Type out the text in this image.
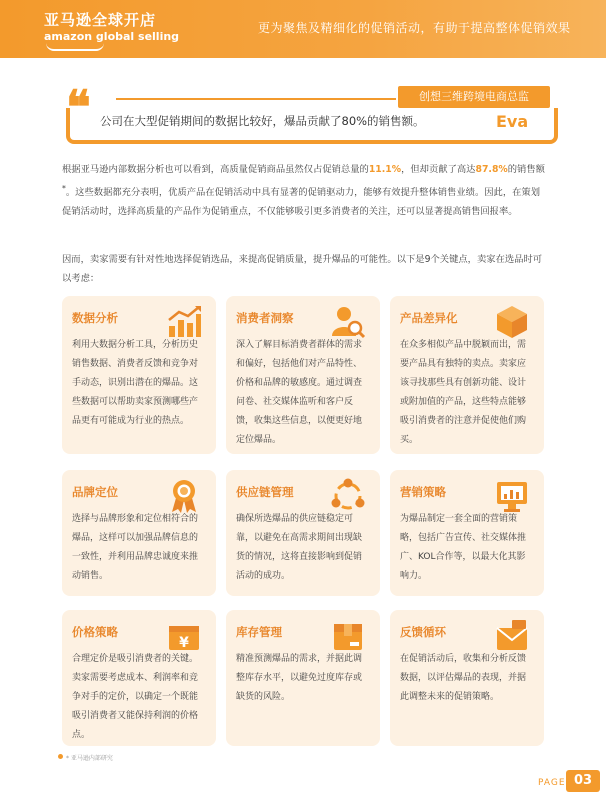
亚马逊全球开店
amazon global selling
更为聚焦及精细化的促销活动，有助于提高整体促销效果
❝	创想三维跨境电商总监
公司在大型促销期间的数据比较好，爆品贡献了80%的销售额。	Eva
根据亚马逊内部数据分析也可以看到，高质量促销商品虽然仅占促销总量的11.1%，但却贡献了高达87.8%的销售额*。这些数据都充分表明，优质产品在促销活动中具有显著的促销驱动力，能够有效提升整体销售业绩。因此，在策划促销活动时，选择高质量的产品作为促销重点，不仅能够吸引更多消费者的关注，还可以显著提高销售回报率。
因而，卖家需要有针对性地选择促销选品，来提高促销质量，提升爆品的可能性。以下是9个关键点，卖家在选品时可以考虑：
数据分析
利用大数据分析工具，分析历史销售数据、消费者反馈和竞争对手动态，识别出潜在的爆品。这些数据可以帮助卖家预测哪些产品更有可能成为行业的热点。
消费者洞察
深入了解目标消费者群体的需求和偏好，包括他们对产品特性、价格和品牌的敏感度。通过调查问卷、社交媒体监听和客户反馈，收集这些信息，以便更好地定位爆品。
产品差异化
在众多相似产品中脱颖而出，需要产品具有独特的卖点。卖家应该寻找那些具有创新功能、设计或附加值的产品，这些特点能够吸引消费者的注意并促使他们购买。
品牌定位
选择与品牌形象和定位相符合的爆品，这样可以加强品牌信息的一致性，并利用品牌忠诚度来推动销售。
供应链管理
确保所选爆品的供应链稳定可靠，以避免在高需求期间出现缺货的情况，这将直接影响到促销活动的成功。
营销策略
为爆品制定一套全面的营销策略，包括广告宣传、社交媒体推广、KOL合作等，以最大化其影响力。
价格策略
¥
合理定价是吸引消费者的关键。卖家需要考虑成本、利润率和竞争对手的定价，以确定一个既能吸引消费者又能保持利润的价格点。
库存管理
精准预测爆品的需求，并据此调整库存水平，以避免过度库存或缺货的风险。
反馈循环
在促销活动后，收集和分析反馈数据，以评估爆品的表现，并据此调整未来的促销策略。
* 亚马逊内部研究
PAGE 03
